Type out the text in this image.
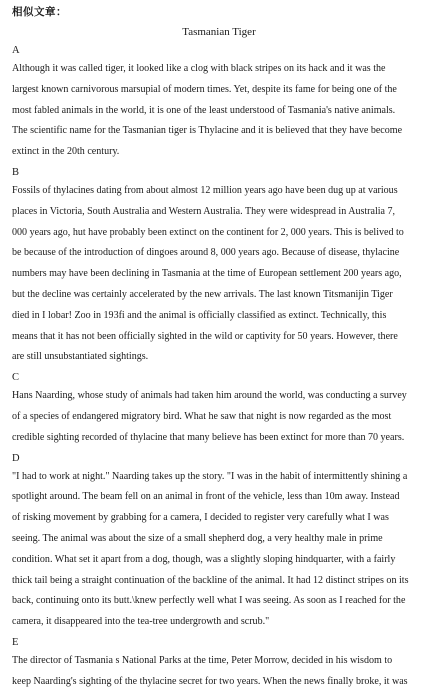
相似文章：
Tasmanian Tiger
A

Although it was called tiger, it looked like a clog with black stripes on its hack and it was the
largest known carnivorous marsupial of modern times. Yet, despite its fame for being one of the
most fabled animals in the world, it is one of the least understood of Tasmania's native animals.
The scientific name for the Tasmanian tiger is Thylacine and it is believed that they have become
extinct in the 20th century.

B

Fossils of thylacines dating from about almost 12 million years ago have been dug up at various
places in Victoria, South Australia and Western Australia. They were widespread in Australia 7,
000 years ago, hut have probably been extinct on the continent for 2, 000 years. This is belived to
be because of the introduction of dingoes around 8, 000 years ago. Because of disease, thylacine
numbers may have been declining in Tasmania at the time of European settlement 200 years ago,
but the decline was certainly accelerated by the new arrivals. The last known Titsmanijin Tiger
died in I lobar! Zoo in 193fi and the animal is officially classified as extinct. Technically, this
means that it has not been officially sighted in the wild or captivity for 50 years. However, there
are still unsubstantiated sightings.

C

Hans Naarding, whose study of animals had taken him around the world, was conducting a survey
of a species of endangered migratory bird. What he saw that night is now regarded as the most
credible sighting recorded of thylacine that many believe has been extinct for more than 70 years.

D

"I had to work at night." Naarding takes up the story. "I was in the habit of intermittently shining a
spotlight around. The beam fell on an animal in front of the vehicle, less than 10m away. Instead
of risking movement by grabbing for a camera, I decided to register very carefully what I was
seeing. The animal was about the size of a small shepherd dog, a very healthy male in prime
condition. What set it apart from a dog, though, was a slightly sloping hindquarter, with a fairly
thick tail being a straight continuation of the backline of the animal. It had 12 distinct stripes on its
back, continuing onto its butt.\knew perfectly well what I was seeing. As soon as I reached for the
camera, it disappeared into the tea-tree undergrowth and scrub."

E

The director of Tasmania s National Parks at the time, Peter Morrow, decided in his wisdom to
keep Naarding's sighting of the thylacine secret for two years. When the news finally broke, it was
